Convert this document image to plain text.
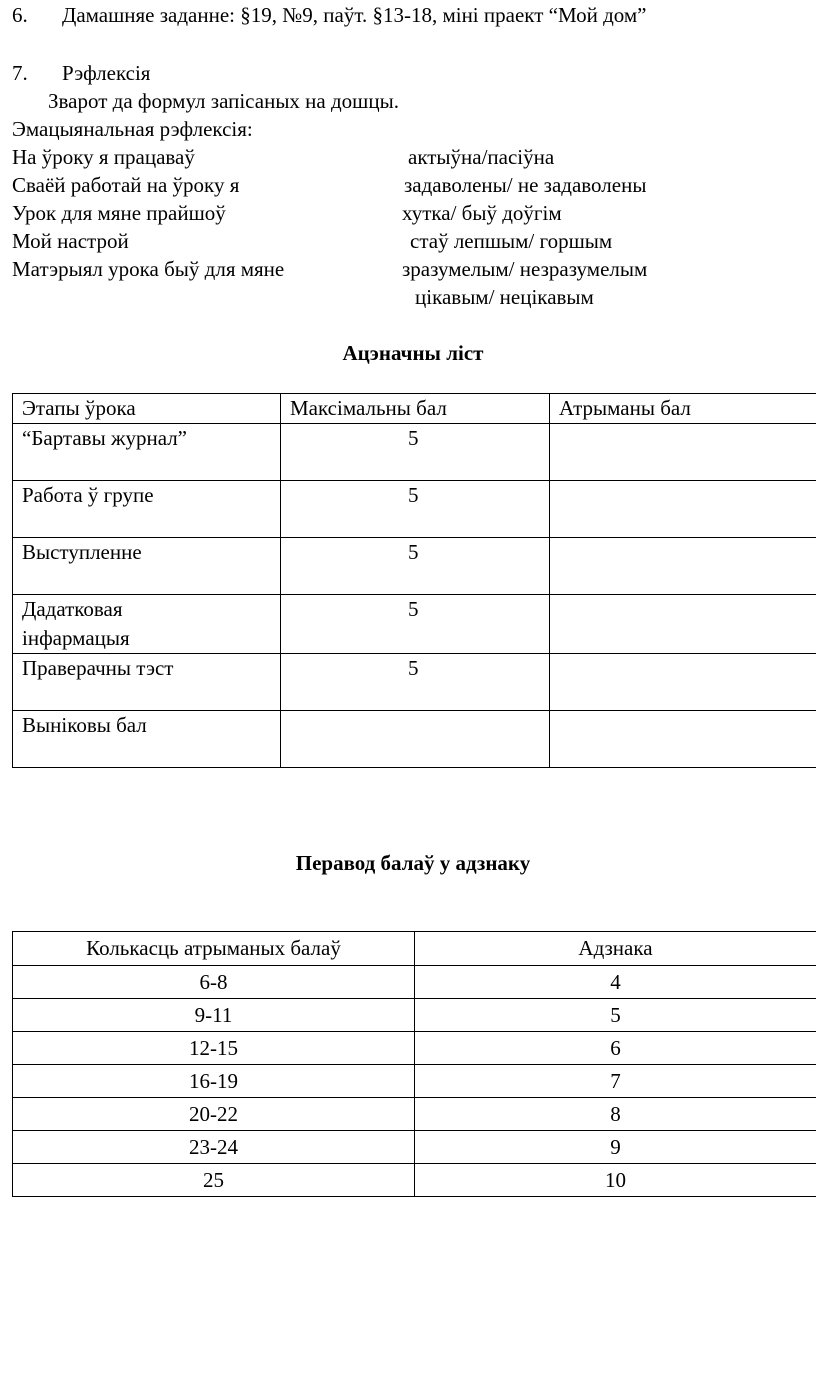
6. Дамашняе заданне: §19, №9, паўт. §13-18, міні праект “Мой дом”
7. Рэфлексія
Зварот да формул запісаных на дошцы.
Эмацыянальная рэфлексія:
На ўроку я працаваў	актыўна/пасіўна
Сваёй работай на ўроку я	задаволены/ не задаволены
Урок для мяне прайшоў	хутка/ быў доўгім
Мой настрой	стаў лепшым/ горшым
Матэрыял урока быў для мяне	зразумелым/ незразумелым
цікавым/ нецікавым
Ацэначны ліст
Этапы ўрока	Максімальны бал	Атрыманы бал
“Бартавы журнал”	5	

Работа ў групе	5	

Выступленне	5	

Дадатковая інфармацыя	5	

Праверачны тэст	5	

Выніковы бал	

Перавод балаў у адзнаку
Колькасць атрыманых балаў	Адзнака
6-8	4
9-11	5
12-15	6
16-19	7
20-22	8
23-24	9
25	10
